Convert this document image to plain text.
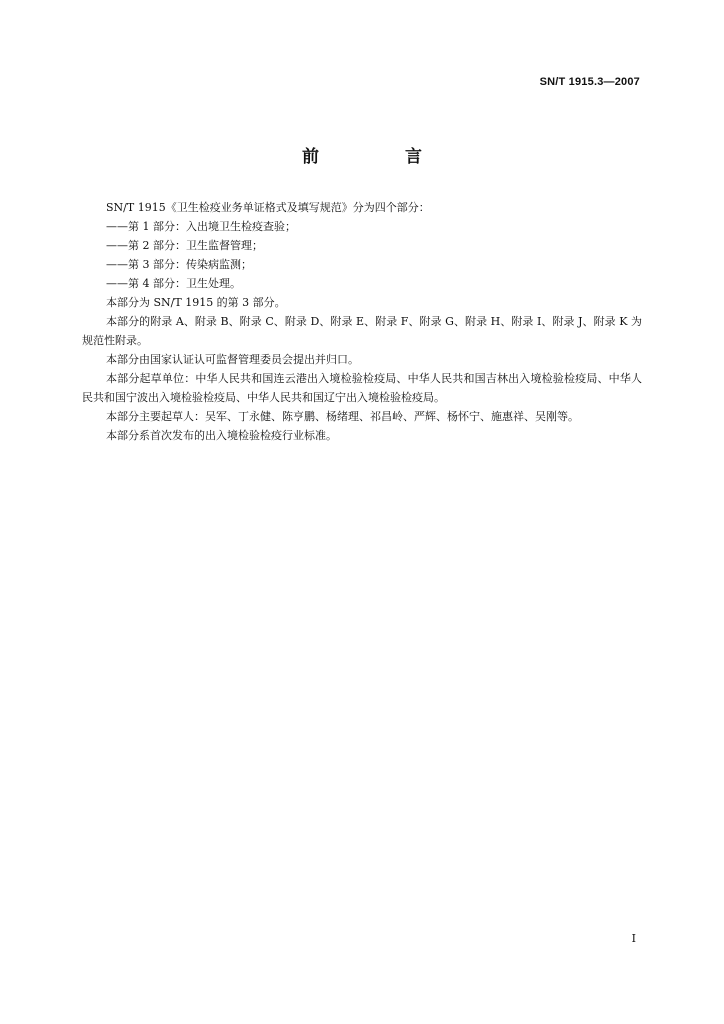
SN/T 1915.3—2007
前 言

SN/T 1915《卫生检疫业务单证格式及填写规范》分为四个部分：

——第 1 部分：入出境卫生检疫查验；

——第 2 部分：卫生监督管理；

——第 3 部分：传染病监测；

——第 4 部分：卫生处理。

本部分为 SN/T 1915 的第 3 部分。

本部分的附录 A、附录 B、附录 C、附录 D、附录 E、附录 F、附录 G、附录 H、附录 I、附录 J、附录 K 为规范性附录。

本部分由国家认证认可监督管理委员会提出并归口。

本部分起草单位：中华人民共和国连云港出入境检验检疫局、中华人民共和国吉林出入境检验检疫局、中华人民共和国宁波出入境检验检疫局、中华人民共和国辽宁出入境检验检疫局。

本部分主要起草人：吴军、丁永健、陈亨鹏、杨绪理、祁昌岭、严辉、杨怀宁、施惠祥、吴刚等。

本部分系首次发布的出入境检验检疫行业标准。

I
